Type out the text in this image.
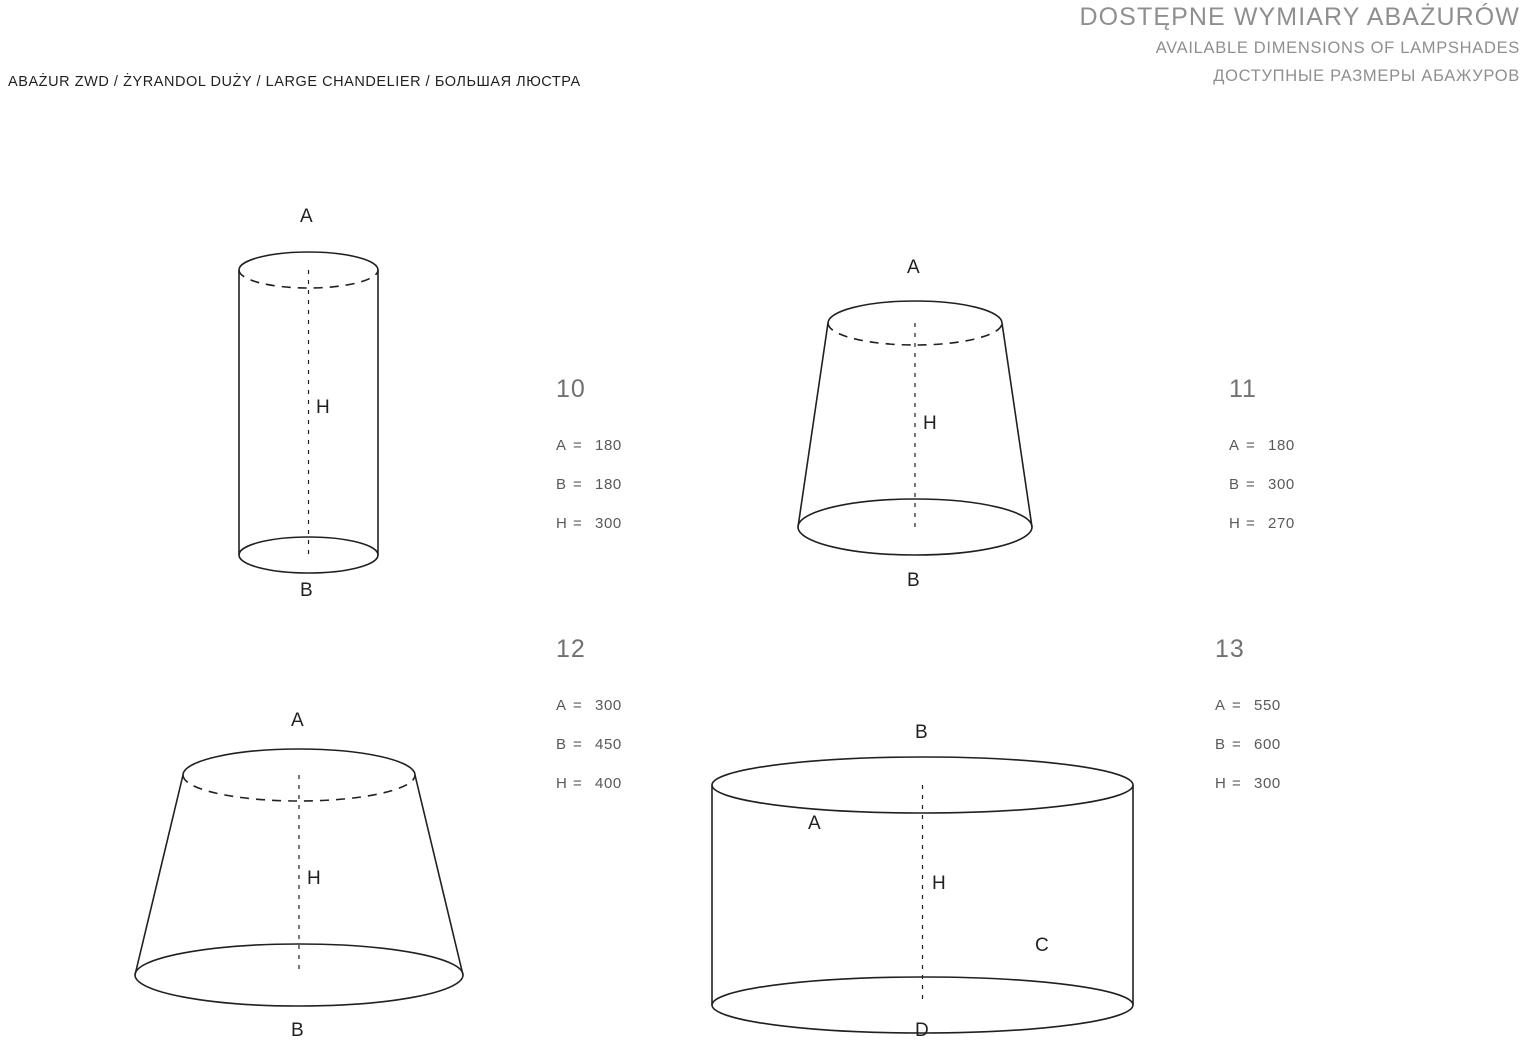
DOSTĘPNE WYMIARY ABAŻURÓW
AVAILABLE DIMENSIONS OF LAMPSHADES
ДОСТУПНЫЕ РАЗМЕРЫ АБАЖУРОВ
ABAŻUR ZWD / ŻYRANDOL DUŻY / LARGE CHANDELIER / БОЛЬШАЯ ЛЮСТРА
A
H
B
10
A = 180
B = 180
H = 300
A
H
B
11
A = 180
B = 300
H = 270
A
H
B
12
A = 300
B = 450
H = 400
B
A
H
C
D
13
A = 550
B = 600
H = 300
